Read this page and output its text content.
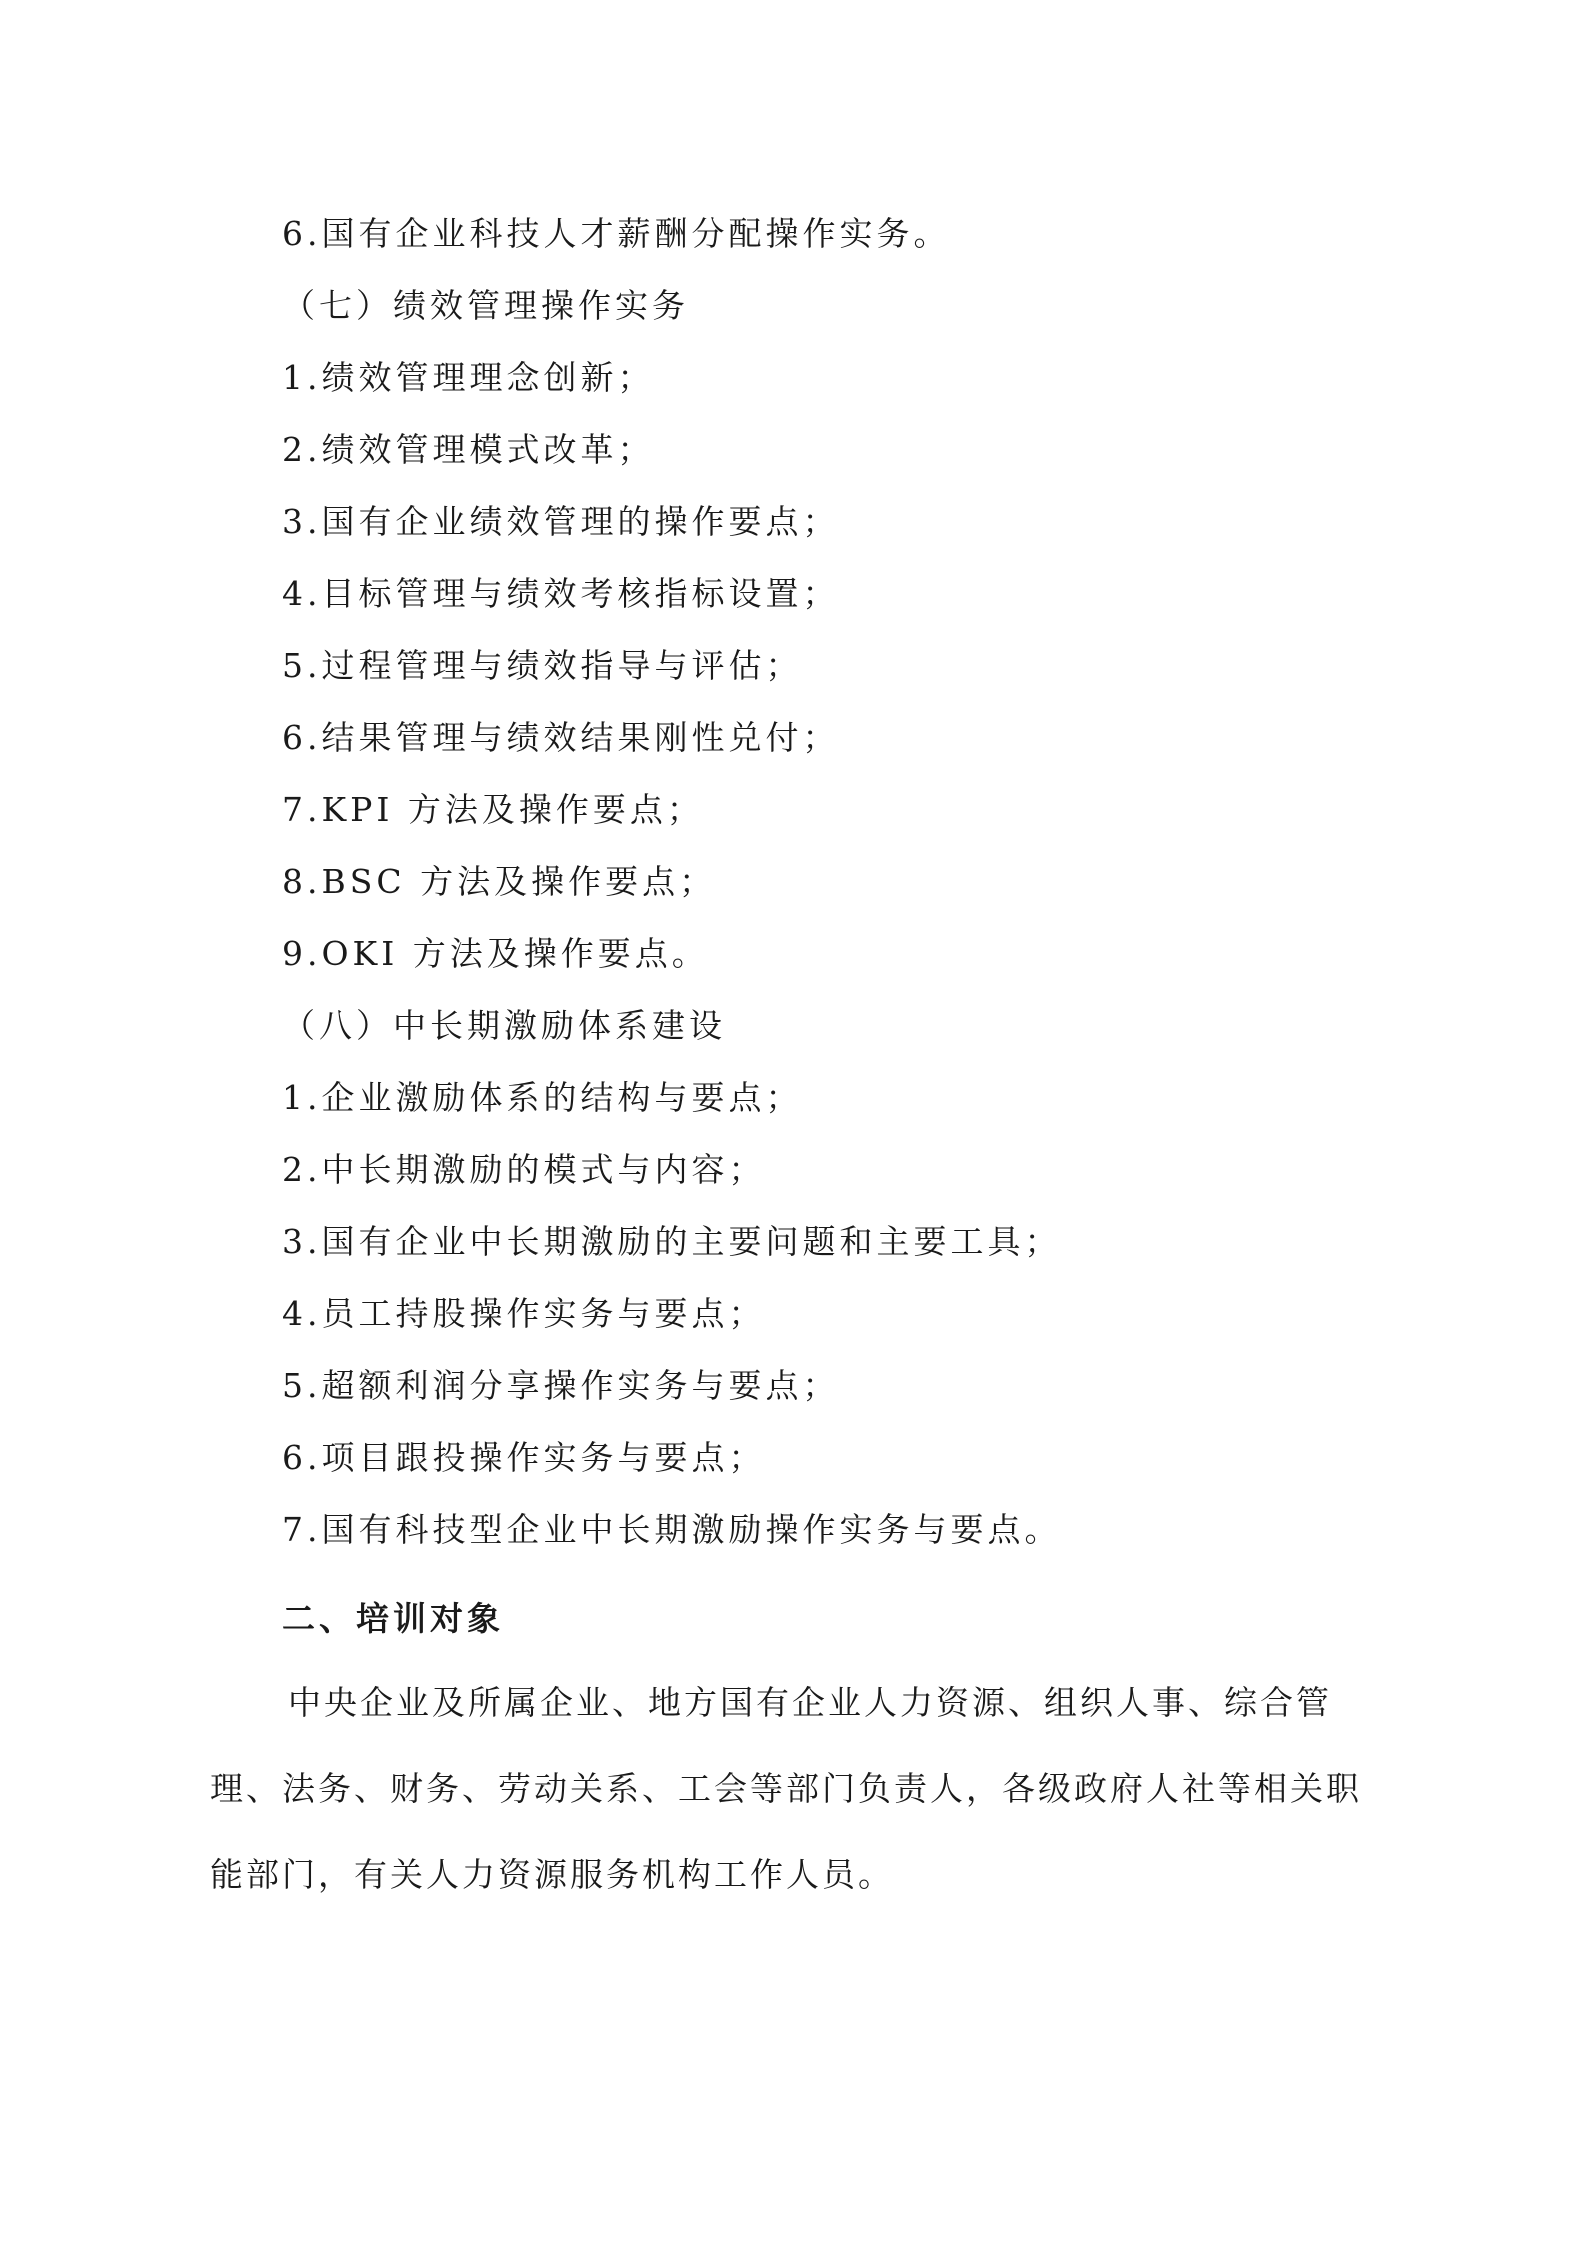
6.国有企业科技人才薪酬分配操作实务。
（七）绩效管理操作实务
1.绩效管理理念创新；
2.绩效管理模式改革；
3.国有企业绩效管理的操作要点；
4.目标管理与绩效考核指标设置；
5.过程管理与绩效指导与评估；
6.结果管理与绩效结果刚性兑付；
7.KPI 方法及操作要点；
8.BSC 方法及操作要点；
9.OKI 方法及操作要点。
（八）中长期激励体系建设
1.企业激励体系的结构与要点；
2.中长期激励的模式与内容；
3.国有企业中长期激励的主要问题和主要工具；
4.员工持股操作实务与要点；
5.超额利润分享操作实务与要点；
6.项目跟投操作实务与要点；
7.国有科技型企业中长期激励操作实务与要点。
二、培训对象
中央企业及所属企业、地方国有企业人力资源、组织人事、综合管理、法务、财务、劳动关系、工会等部门负责人，各级政府人社等相关职能部门，有关人力资源服务机构工作人员。
